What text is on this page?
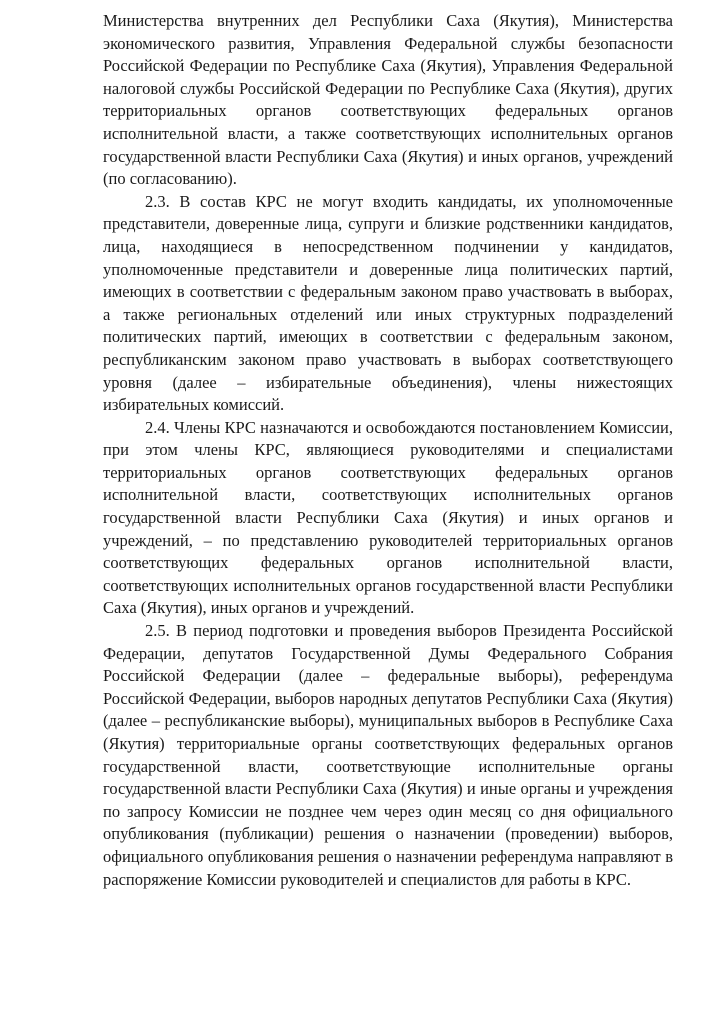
Министерства внутренних дел Республики Саха (Якутия), Министерства экономического развития, Управления Федеральной службы безопасности Российской Федерации по Республике Саха (Якутия), Управления Федеральной налоговой службы Российской Федерации по Республике Саха (Якутия), других территориальных органов соответствующих федеральных органов исполнительной власти, а также соответствующих исполнительных органов государственной власти Республики Саха (Якутия) и иных органов, учреждений (по согласованию).

2.3. В состав КРС не могут входить кандидаты, их уполномоченные представители, доверенные лица, супруги и близкие родственники кандидатов, лица, находящиеся в непосредственном подчинении у кандидатов, уполномоченные представители и доверенные лица политических партий, имеющих в соответствии с федеральным законом право участвовать в выборах, а также региональных отделений или иных структурных подразделений политических партий, имеющих в соответствии с федеральным законом, республиканским законом право участвовать в выборах соответствующего уровня (далее – избирательные объединения), члены нижестоящих избирательных комиссий.

2.4. Члены КРС назначаются и освобождаются постановлением Комиссии, при этом члены КРС, являющиеся руководителями и специалистами территориальных органов соответствующих федеральных органов исполнительной власти, соответствующих исполнительных органов государственной власти Республики Саха (Якутия) и иных органов и учреждений, – по представлению руководителей территориальных органов соответствующих федеральных органов исполнительной власти, соответствующих исполнительных органов государственной власти Республики Саха (Якутия), иных органов и учреждений.

2.5. В период подготовки и проведения выборов Президента Российской Федерации, депутатов Государственной Думы Федерального Собрания Российской Федерации (далее – федеральные выборы), референдума Российской Федерации, выборов народных депутатов Республики Саха (Якутия) (далее – республиканские выборы), муниципальных выборов в Республике Саха (Якутия) территориальные органы соответствующих федеральных органов государственной власти, соответствующие исполнительные органы государственной власти Республики Саха (Якутия) и иные органы и учреждения по запросу Комиссии не позднее чем через один месяц со дня официального опубликования (публикации) решения о назначении (проведении) выборов, официального опубликования решения о назначении референдума направляют в распоряжение Комиссии руководителей и специалистов для работы в КРС.
